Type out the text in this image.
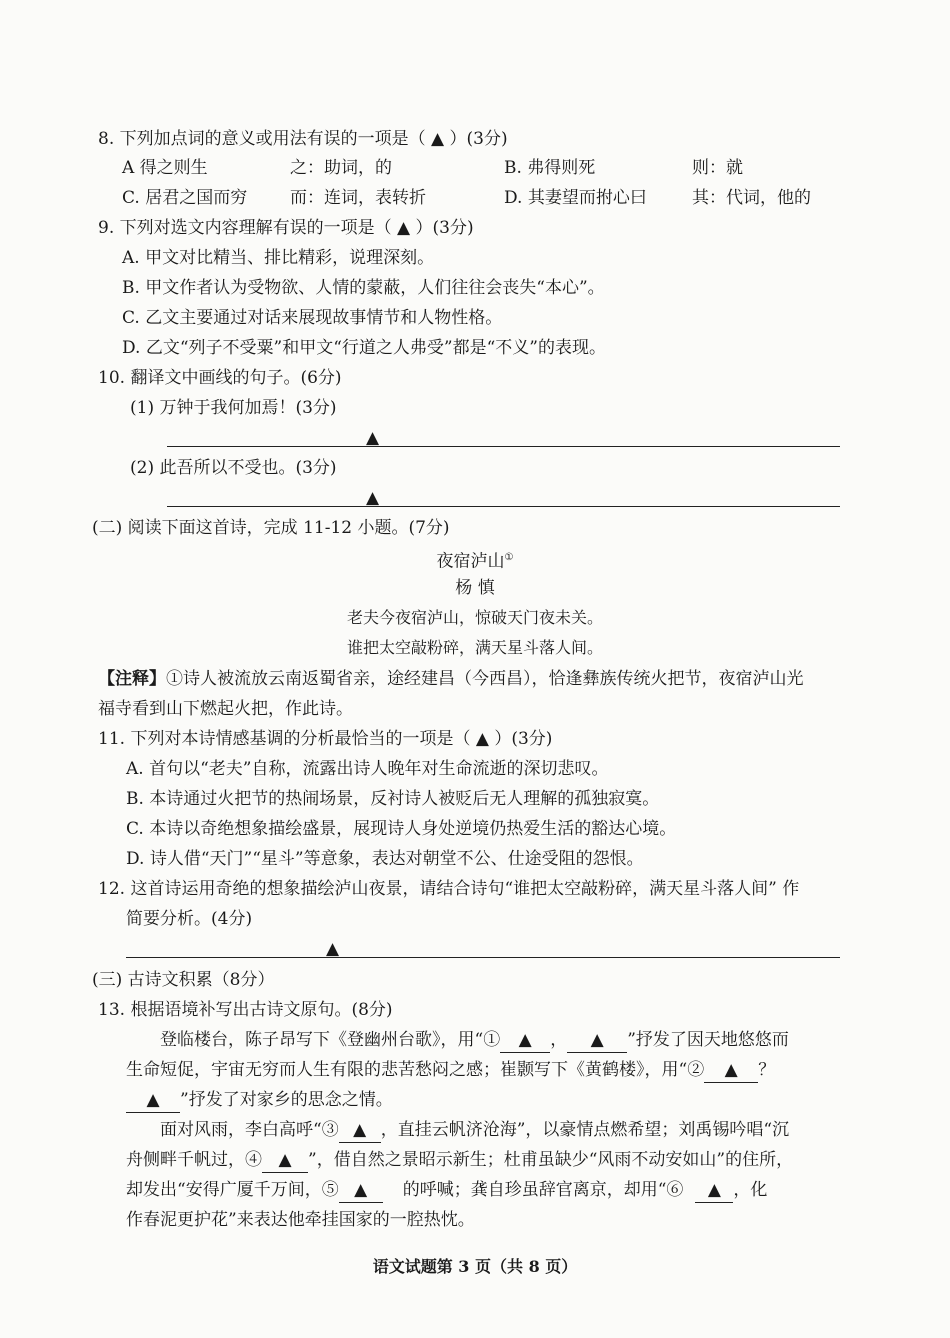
8. 下列加点词的意义或用法有误的一项是（ ▲ ）(3分)
A 得之则生	之：助词，的	B. 弗得则死	则：就
C. 居君之国而穷	而：连词，表转折	D. 其妻望而拊心曰	其：代词，他的
9. 下列对选文内容理解有误的一项是（ ▲ ）(3分)
A. 甲文对比精当、排比精彩，说理深刻。
B. 甲文作者认为受物欲、人情的蒙蔽，人们往往会丧失“本心”。
C. 乙文主要通过对话来展现故事情节和人物性格。
D. 乙文“列子不受粟”和甲文“行道之人弗受”都是“不义”的表现。
10. 翻译文中画线的句子。(6分)
(1) 万钟于我何加焉！(3分)
▲
(2) 此吾所以不受也。(3分)
▲
(二) 阅读下面这首诗，完成 11-12 小题。(7分)
夜宿泸山①
杨 慎
老夫今夜宿泸山，惊破天门夜未关。
谁把太空敲粉碎，满天星斗落人间。
【注释】①诗人被流放云南返蜀省亲，途经建昌（今西昌），恰逢彝族传统火把节，夜宿泸山光
福寺看到山下燃起火把，作此诗。
11. 下列对本诗情感基调的分析最恰当的一项是（ ▲ ）(3分)
A. 首句以“老夫”自称，流露出诗人晚年对生命流逝的深切悲叹。
B. 本诗通过火把节的热闹场景，反衬诗人被贬后无人理解的孤独寂寞。
C. 本诗以奇绝想象描绘盛景，展现诗人身处逆境仍热爱生活的豁达心境。
D. 诗人借“天门”“星斗”等意象，表达对朝堂不公、仕途受阻的怨恨。
12. 这首诗运用奇绝的想象描绘泸山夜景，请结合诗句“谁把太空敲粉碎，满天星斗落人间” 作
简要分析。(4分)
▲
(三) 古诗文积累（8分）
13. 根据语境补写出古诗文原句。(8分)
登临楼台，陈子昂写下《登幽州台歌》，用“① ▲ ， ▲ ”抒发了因天地悠悠而
生命短促，宇宙无穷而人生有限的悲苦愁闷之感；崔颢写下《黄鹤楼》，用“② ▲ ？
▲ ”抒发了对家乡的思念之情。
面对风雨，李白高呼“③ ▲ ，直挂云帆济沧海”，以豪情点燃希望；刘禹锡吟唱“沉
舟侧畔千帆过，④ ▲ ”，借自然之景昭示新生；杜甫虽缺少“风雨不动安如山”的住所，
却发出“安得广厦千万间，⑤ ▲ 的呼喊；龚自珍虽辞官离京，却用“⑥ ▲ ，化
作春泥更护花”来表达他牵挂国家的一腔热忱。
语文试题第 3 页（共 8 页）
